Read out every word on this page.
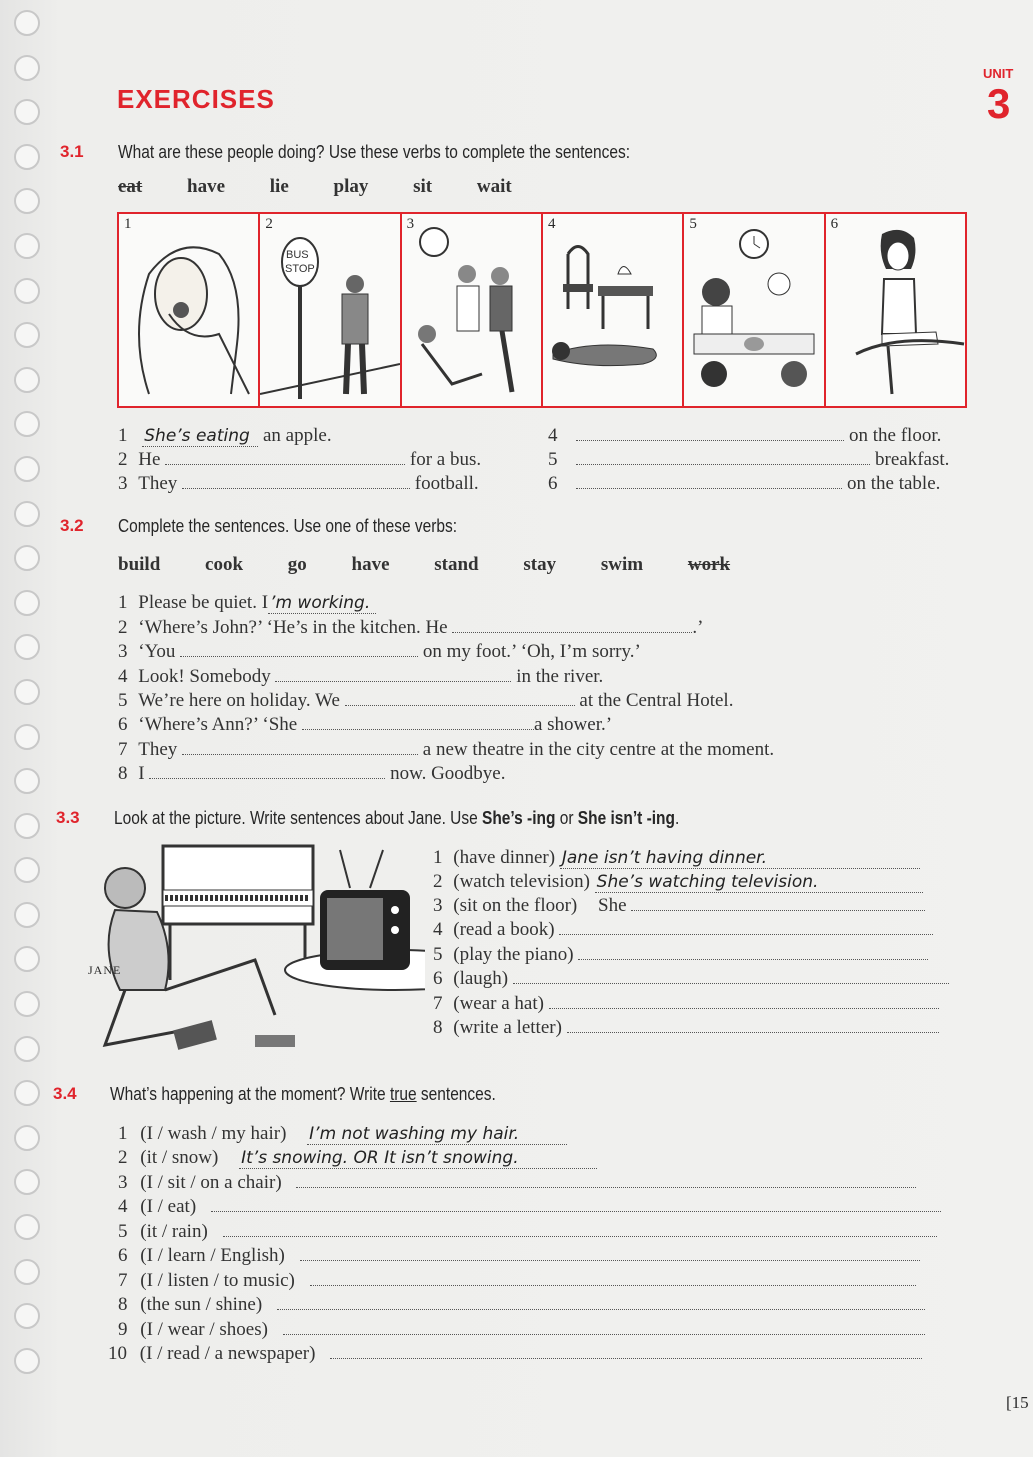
EXERCISES
UNIT
3
3.1 What are these people doing? Use these verbs to complete the sentences:
eat have lie play sit wait
1	2
BUS
STOP
3	4	5	6
1 She’s eating an apple.
2 He	for a bus.
3 They	football.
4	on the floor.
5	breakfast.
6	on the table.
3.2 Complete the sentences. Use one of these verbs:
build cook go have stand stay swim work
1 Please be quiet. I ’m working.
2 ‘Where’s John?’ ‘He’s in the kitchen. He	.’
3 ‘You	on my foot.’ ‘Oh, I’m sorry.’
4 Look! Somebody	in the river.
5 We’re here on holiday. We	at the Central Hotel.
6 ‘Where’s Ann?’ ‘She	a shower.’
7 They	a new theatre in the city centre at the moment.
8 I	now. Goodbye.
3.3 Look at the picture. Write sentences about Jane. Use She’s -ing or She isn’t -ing.
JANE
1 (have dinner) Jane isn’t having dinner.
2 (watch television) She’s watching television.
3 (sit on the floor) She
4 (read a book)
5 (play the piano)
6 (laugh)
7 (wear a hat)
8 (write a letter)
3.4 What’s happening at the moment? Write true sentences.
1 (I / wash / my hair) I’m not washing my hair.
2 (it / snow) It’s snowing. OR It isn’t snowing.
3 (I / sit / on a chair)
4 (I / eat)
5 (it / rain)
6 (I / learn / English)
7 (I / listen / to music)
8 (the sun / shine)
9 (I / wear / shoes)
10 (I / read / a newspaper)
[15
